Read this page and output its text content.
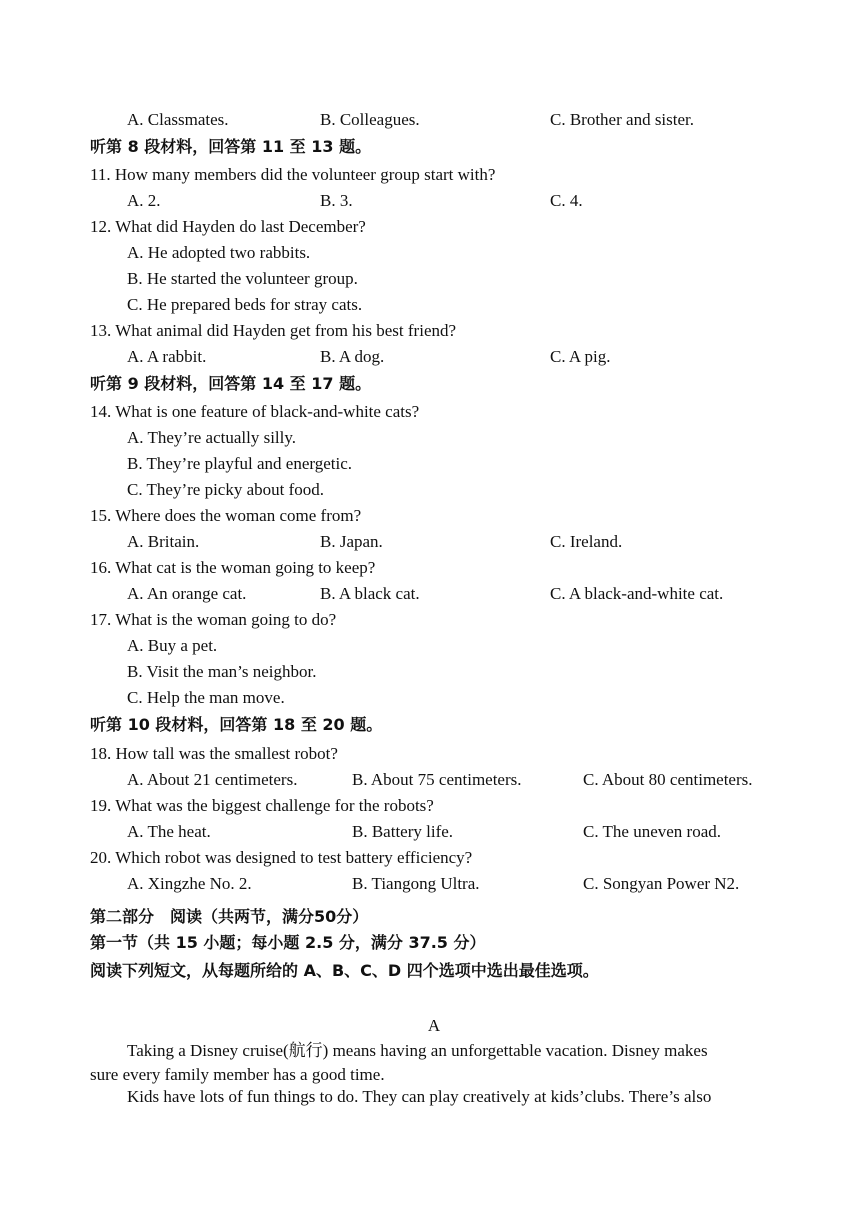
A. Classmates.	B. Colleagues.	C. Brother and sister.
听第 8 段材料，回答第 11 至 13 题。
11. How many members did the volunteer group start with?
A. 2.	B. 3.	C. 4.
12. What did Hayden do last December?
A. He adopted two rabbits.
B. He started the volunteer group.
C. He prepared beds for stray cats.
13. What animal did Hayden get from his best friend?
A. A rabbit.	B. A dog.	C. A pig.
听第 9 段材料，回答第 14 至 17 题。
14. What is one feature of black-and-white cats?
A. They’re actually silly.
B. They’re playful and energetic.
C. They’re picky about food.
15. Where does the woman come from?
A. Britain.	B. Japan.	C. Ireland.
16. What cat is the woman going to keep?
A. An orange cat.	B. A black cat.	C. A black-and-white cat.
17. What is the woman going to do?
A. Buy a pet.
B. Visit the man’s neighbor.
C. Help the man move.
听第 10 段材料，回答第 18 至 20 题。
18. How tall was the smallest robot?
A. About 21 centimeters.	B. About 75 centimeters.	C. About 80 centimeters.
19. What was the biggest challenge for the robots?
A. The heat.	B. Battery life.	C. The uneven road.
20. Which robot was designed to test battery efficiency?
A. Xingzhe No. 2.	B. Tiangong Ultra.	C. Songyan Power N2.
第二部分　阅读（共两节，满分50分）
第一节（共 15 小题；每小题 2.5 分，满分 37.5 分）
阅读下列短文，从每题所给的 A、B、C、D 四个选项中选出最佳选项。
A
Taking a Disney cruise(航行) means having an unforgettable vacation. Disney makes
sure every family member has a good time.
Kids have lots of fun things to do. They can play creatively at kids’clubs. There’s also
